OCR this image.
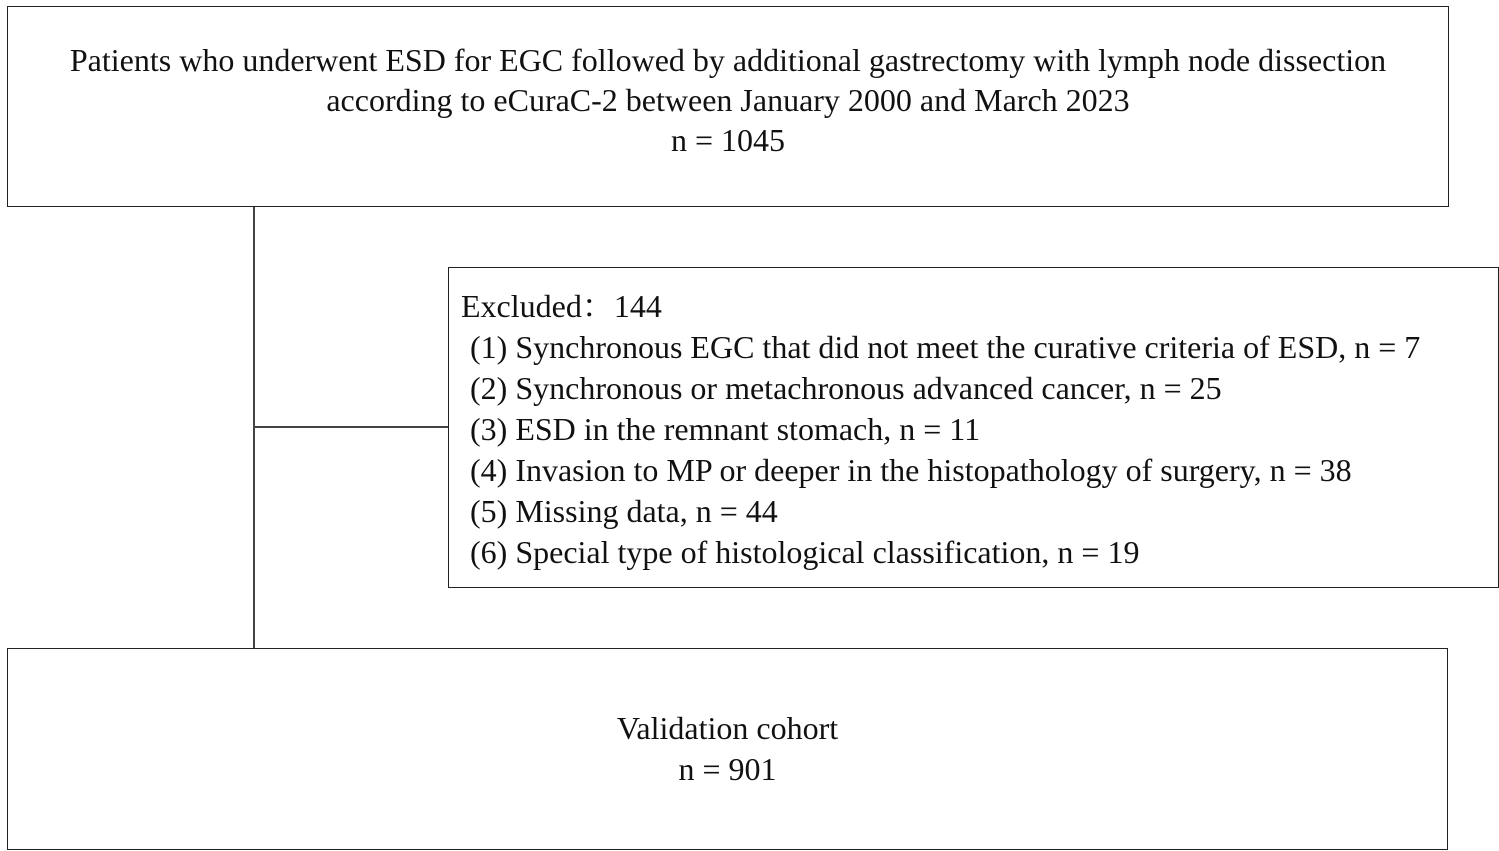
Patients who underwent ESD for EGC followed by additional gastrectomy with lymph node dissection
according to eCuraC-2 between January 2000 and March 2023
n = 1045
Excluded：144
(1) Synchronous EGC that did not meet the curative criteria of ESD, n = 7
(2) Synchronous or metachronous advanced cancer, n = 25
(3) ESD in the remnant stomach, n = 11
(4) Invasion to MP or deeper in the histopathology of surgery, n = 38
(5) Missing data, n = 44
(6) Special type of histological classification, n = 19
Validation cohort
n = 901
